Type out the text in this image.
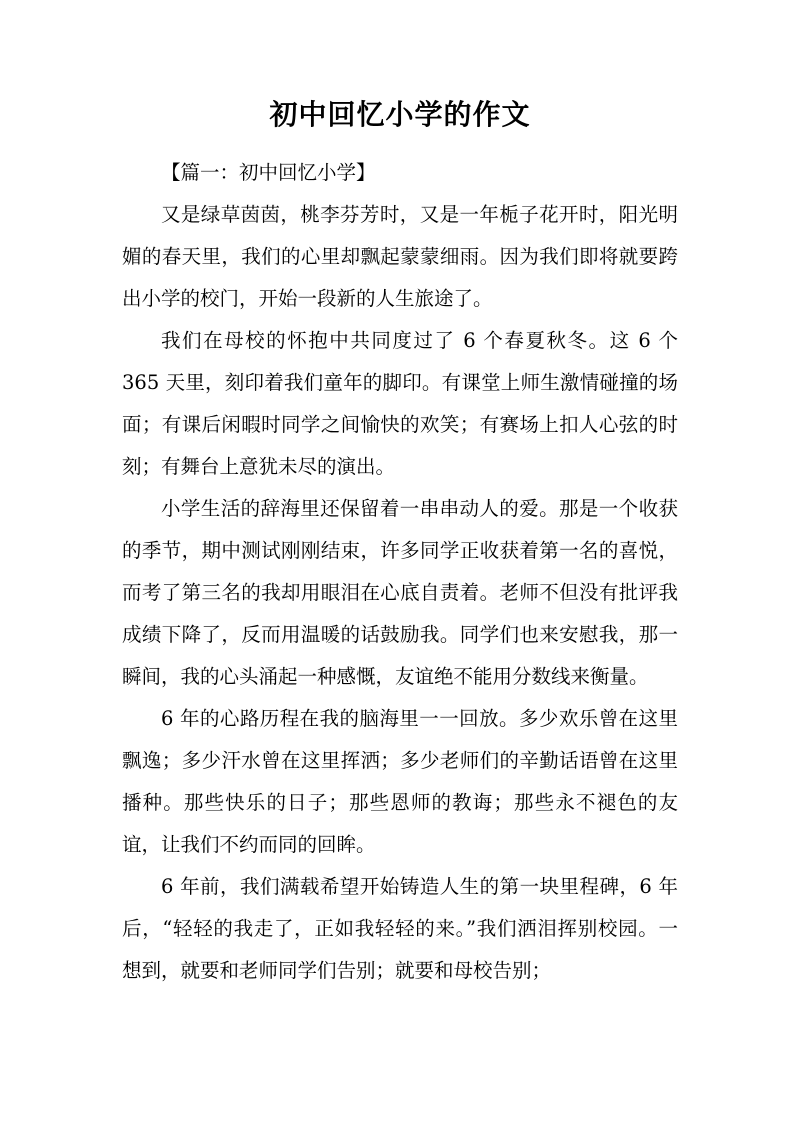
初中回忆小学的作文

【篇一：初中回忆小学】

又是绿草茵茵，桃李芬芳时，又是一年栀子花开时，阳光明媚的春天里，我们的心里却飘起蒙蒙细雨。因为我们即将就要跨出小学的校门，开始一段新的人生旅途了。

我们在母校的怀抱中共同度过了 6 个春夏秋冬。这 6 个 365 天里，刻印着我们童年的脚印。有课堂上师生激情碰撞的场面；有课后闲暇时同学之间愉快的欢笑；有赛场上扣人心弦的时刻；有舞台上意犹未尽的演出。

小学生活的辞海里还保留着一串串动人的爱。那是一个收获的季节，期中测试刚刚结束，许多同学正收获着第一名的喜悦，而考了第三名的我却用眼泪在心底自责着。老师不但没有批评我成绩下降了，反而用温暖的话鼓励我。同学们也来安慰我，那一瞬间，我的心头涌起一种感慨，友谊绝不能用分数线来衡量。

6 年的心路历程在我的脑海里一一回放。多少欢乐曾在这里飘逸；多少汗水曾在这里挥洒；多少老师们的辛勤话语曾在这里播种。那些快乐的日子；那些恩师的教诲；那些永不褪色的友谊，让我们不约而同的回眸。

6 年前，我们满载希望开始铸造人生的第一块里程碑，6 年后，“轻轻的我走了，正如我轻轻的来。”我们洒泪挥别校园。一想到，就要和老师同学们告别；就要和母校告别；
